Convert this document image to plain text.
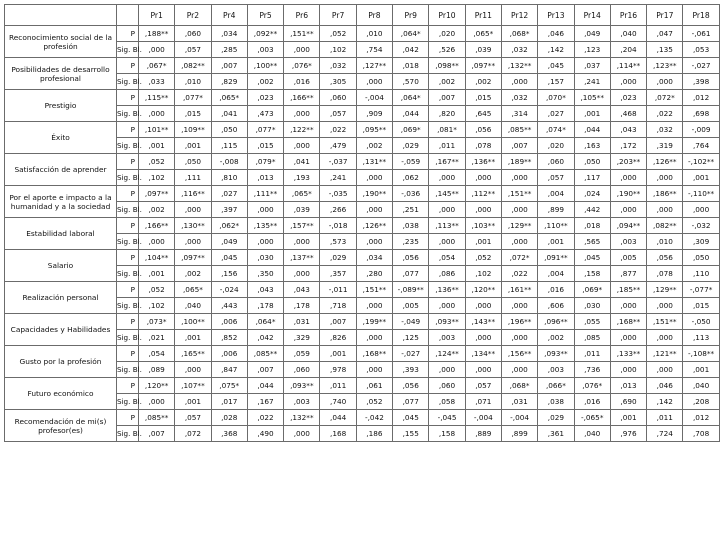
		Pr1	Pr2	Pr4	Pr5	Pr6	Pr7	Pr8	Pr9	Pr10	Pr11	Pr12	Pr13	Pr14	Pr16	Pr17	Pr18
Reconocimiento social de la profesión	P	,188**	,060	,034	,092**	,151**	,052	,010	,064*	,020	,065*	,068*	,046	,049	,040	,047	-,061
	Sig. Bl.	,000	,057	,285	,003	,000	,102	,754	,042	,526	,039	,032	,142	,123	,204	,135	,053
Posibilidades de desarrollo profesional	P	,067*	,082**	,007	,100**	,076*	,032	,127**	,018	,098**	,097**	,132**	,045	,037	,114**	,123**	-,027
	Sig. Bl.	,033	,010	,829	,002	,016	,305	,000	,570	,002	,002	,000	,157	,241	,000	,000	,398
Prestigio	P	,115**	,077*	,065*	,023	,166**	,060	-,004	,064*	,007	,015	,032	,070*	,105**	,023	,072*	,012
	Sig. Bl.	,000	,015	,041	,473	,000	,057	,909	,044	,820	,645	,314	,027	,001	,468	,022	,698
Éxito	P	,101**	,109**	,050	,077*	,122**	,022	,095**	,069*	,081*	,056	,085**	,074*	,044	,043	,032	-,009
	Sig. Bl.	,001	,001	,115	,015	,000	,479	,002	,029	,011	,078	,007	,020	,163	,172	,319	,764
Satisfacción de aprender	P	,052	,050	-,008	,079*	,041	-,037	,131**	-,059	,167**	,136**	,189**	,060	,050	,203**	,126**	-,102**
	Sig. Bl.	,102	,111	,810	,013	,193	,241	,000	,062	,000	,000	,000	,057	,117	,000	,000	,001
Por el aporte e impacto a la humanidad y a la sociedad	P	,097**	,116**	,027	,111**	,065*	-,035	,190**	-,036	,145**	,112**	,151**	,004	,024	,190**	,186**	-,110**
	Sig. Bl.	,002	,000	,397	,000	,039	,266	,000	,251	,000	,000	,000	,899	,442	,000	,000	,000
Estabilidad laboral	P	,166**	,130**	,062*	,135**	,157**	-,018	,126**	,038	,113**	,103**	,129**	,110**	,018	,094**	,082**	-,032
	Sig. Bl.	,000	,000	,049	,000	,000	,573	,000	,235	,000	,001	,000	,001	,565	,003	,010	,309
Salario	P	,104**	,097**	,045	,030	,137**	,029	,034	,056	,054	,052	,072*	,091**	,045	,005	,056	,050
	Sig. Bl.	,001	,002	,156	,350	,000	,357	,280	,077	,086	,102	,022	,004	,158	,877	,078	,110
Realización personal	P	,052	,065*	-,024	,043	,043	-,011	,151**	-,089**	,136**	,120**	,161**	,016	,069*	,185**	,129**	-,077*
	Sig. Bl.	,102	,040	,443	,178	,178	,718	,000	,005	,000	,000	,000	,606	,030	,000	,000	,015
Capacidades y Habilidades	P	,073*	,100**	,006	,064*	,031	,007	,199**	-,049	,093**	,143**	,196**	,096**	,055	,168**	,151**	-,050
	Sig. Bl.	,021	,001	,852	,042	,329	,826	,000	,125	,003	,000	,000	,002	,085	,000	,000	,113
Gusto por la profesión	P	,054	,165**	,006	,085**	,059	,001	,168**	-,027	,124**	,134**	,156**	,093**	,011	,133**	,121**	-,108**
	Sig. Bl.	,089	,000	,847	,007	,060	,978	,000	,393	,000	,000	,000	,003	,736	,000	,000	,001
Futuro económico	P	,120**	,107**	,075*	,044	,093**	,011	,061	,056	,060	,057	,068*	,066*	,076*	,013	,046	,040
	Sig. Bl.	,000	,001	,017	,167	,003	,740	,052	,077	,058	,071	,031	,038	,016	,690	,142	,208
Recomendación de mi(s) profesor(es)	P	,085**	,057	,028	,022	,132**	,044	-,042	,045	-,045	-,004	-,004	,029	-,065*	,001	,011	,012
	Sig. Bl.	,007	,072	,368	,490	,000	,168	,186	,155	,158	,889	,899	,361	,040	,976	,724	,708
